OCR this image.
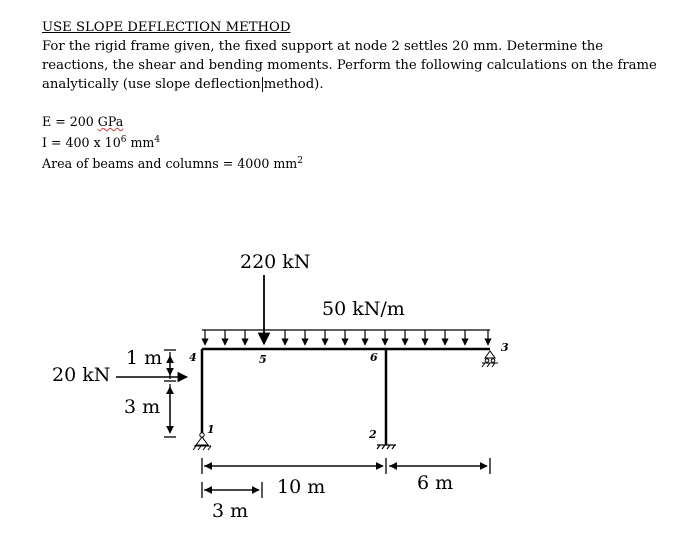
USE SLOPE DEFLECTION METHOD

For the rigid frame given, the fixed support at node 2 settles 20 mm. Determine the

reactions, the shear and bending moments. Perform the following calculations on the frame

analytically (use slope deflection method).

E = 200 GPa
I = 400 x $10^6$ $mm^4$
Area of beams and columns = 4000 $mm^2$
220 kN
50 kN/m
20 kN
1 m
3 m
10 m	6 m
3 m
1	2
3
4	5	6
